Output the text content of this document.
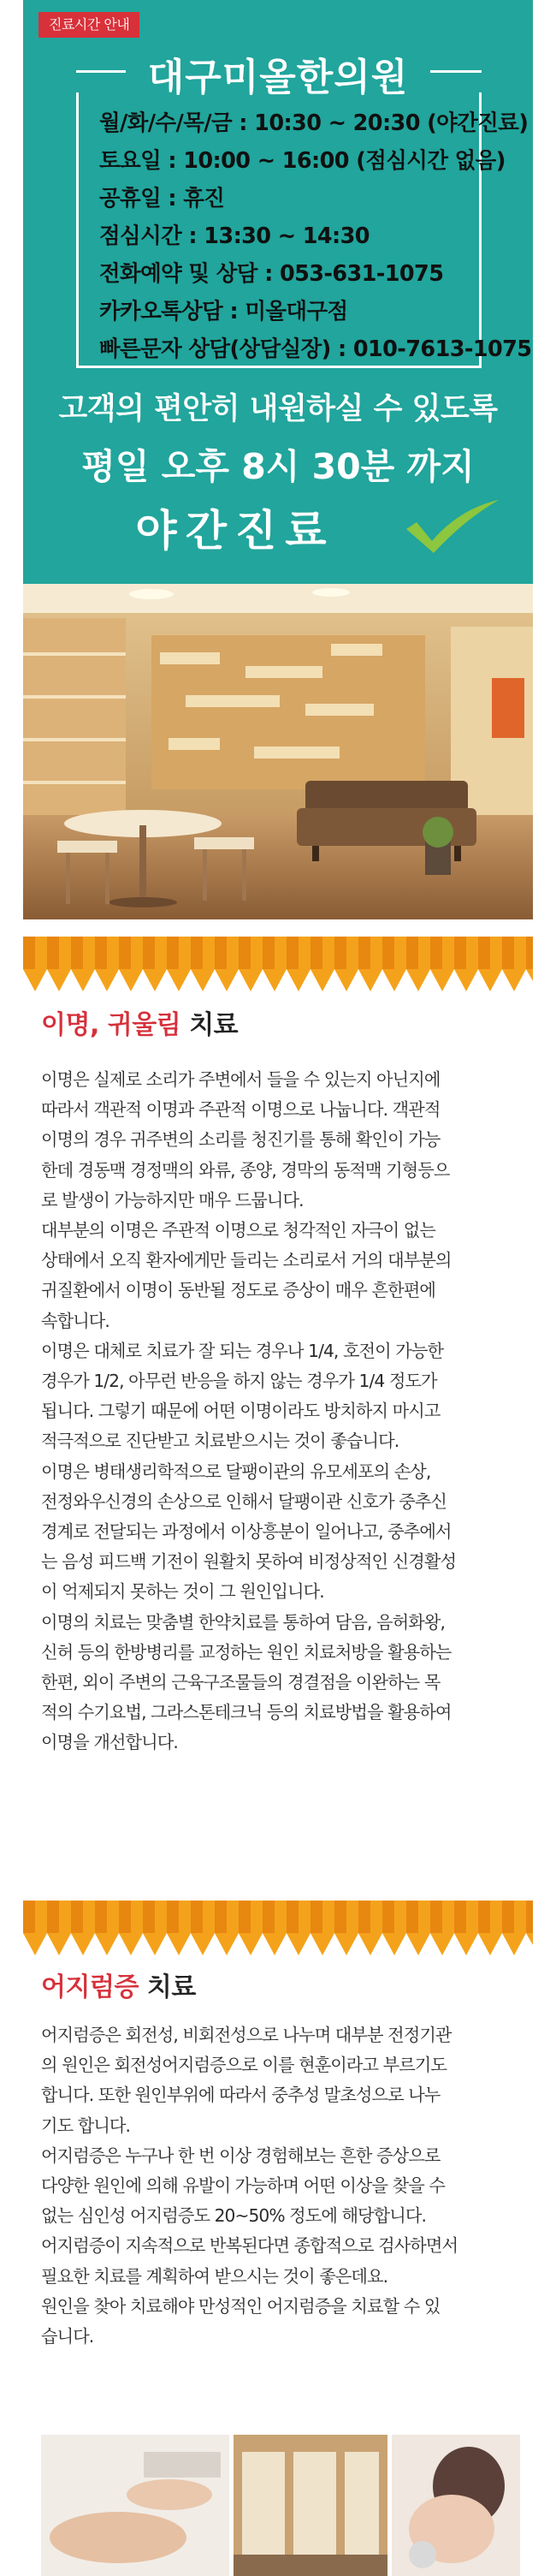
진료시간 안내
대구미올한의원
월/화/수/목/금 : 10:30 ~ 20:30 (야간진료)
토요일 : 10:00 ~ 16:00 (점심시간 없음)
공휴일 : 휴진
점심시간 : 13:30 ~ 14:30
전화예약 및 상담 : 053-631-1075
카카오톡상담 : 미올대구점
빠른문자 상담(상담실장) : 010-7613-1075
고객의 편안히 내원하실 수 있도록
평일 오후 8시 30분 까지
야간진료
이명, 귀울림 치료

이명은 실제로 소리가 주변에서 들을 수 있는지 아닌지에

따라서 객관적 이명과 주관적 이명으로 나눕니다. 객관적

이명의 경우 귀주변의 소리를 청진기를 통해 확인이 가능

한데 경동맥 경정맥의 와류, 종양, 경막의 동적맥 기형등으

로 발생이 가능하지만 매우 드뭅니다.

대부분의 이명은 주관적 이명으로 청각적인 자극이 없는

상태에서 오직 환자에게만 들리는 소리로서 거의 대부분의

귀질환에서 이명이 동반될 정도로 증상이 매우 흔한편에

속합니다.

이명은 대체로 치료가 잘 되는 경우나 1/4, 호전이 가능한

경우가 1/2, 아무런 반응을 하지 않는 경우가 1/4 정도가

됩니다. 그렇기 때문에 어떤 이명이라도 방치하지 마시고

적극적으로 진단받고 치료받으시는 것이 좋습니다.

이명은 병태생리학적으로 달팽이관의 유모세포의 손상,

전정와우신경의 손상으로 인해서 달팽이관 신호가 중추신

경계로 전달되는 과정에서 이상흥분이 일어나고, 중추에서

는 음성 피드백 기전이 원활치 못하여 비정상적인 신경활성

이 억제되지 못하는 것이 그 원인입니다.

이명의 치료는 맞춤별 한약치료를 통하여 담음, 음허화왕,

신허 등의 한방병리를 교정하는 원인 치료처방을 활용하는

한편, 외이 주변의 근육구조물들의 경결점을 이완하는 목

적의 수기요법, 그라스톤테크닉 등의 치료방법을 활용하여

이명을 개선합니다.

어지럼증 치료

어지럼증은 회전성, 비회전성으로 나누며 대부분 전정기관

의 원인은 회전성어지럼증으로 이를 현훈이라고 부르기도

합니다. 또한 원인부위에 따라서 중추성 말초성으로 나누

기도 합니다.

어지럼증은 누구나 한 번 이상 경험해보는 흔한 증상으로

다양한 원인에 의해 유발이 가능하며 어떤 이상을 찾을 수

없는 심인성 어지럼증도 20~50% 정도에 해당합니다.

어지럼증이 지속적으로 반복된다면 종합적으로 검사하면서

필요한 치료를 계획하여 받으시는 것이 좋은데요.

원인을 찾아 치료해야 만성적인 어지럼증을 치료할 수 있

습니다.
